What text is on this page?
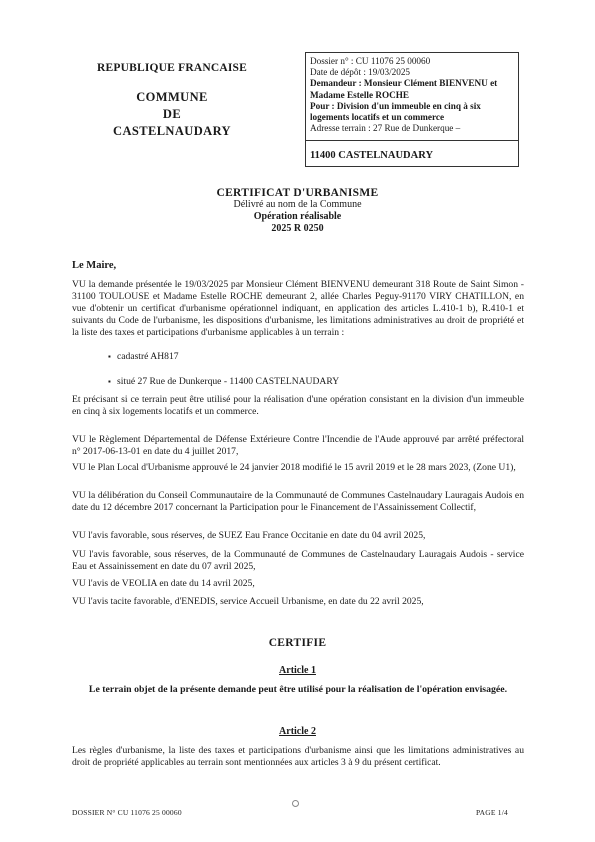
REPUBLIQUE FRANCAISE
COMMUNE
DE
CASTELNAUDARY
Dossier n° : CU 11076 25 00060
Date de dépôt : 19/03/2025
Demandeur : Monsieur Clément BIENVENU et
Madame Estelle ROCHE
Pour : Division d'un immeuble en cinq à six
logements locatifs et un commerce
Adresse terrain : 27 Rue de Dunkerque –
11400 CASTELNAUDARY
CERTIFICAT D'URBANISME
Délivré au nom de la Commune
Opération réalisable
2025 R 0250
Le Maire,
VU la demande présentée le 19/03/2025 par Monsieur Clément BIENVENU demeurant 318 Route de Saint Simon - 31100 TOULOUSE et Madame Estelle ROCHE demeurant 2, allée Charles Peguy-91170 VIRY CHATILLON, en vue d'obtenir un certificat d'urbanisme opérationnel indiquant, en application des articles L.410-1 b), R.410-1 et suivants du Code de l'urbanisme, les dispositions d'urbanisme, les limitations administratives au droit de propriété et la liste des taxes et participations d'urbanisme applicables à un terrain :
▪ cadastré AH817
▪ situé 27 Rue de Dunkerque - 11400 CASTELNAUDARY
Et précisant si ce terrain peut être utilisé pour la réalisation d'une opération consistant en la division d'un immeuble en cinq à six logements locatifs et un commerce.
VU le Règlement Départemental de Défense Extérieure Contre l'Incendie de l'Aude approuvé par arrêté préfectoral n° 2017-06-13-01 en date du 4 juillet 2017,
VU le Plan Local d'Urbanisme approuvé le 24 janvier 2018 modifié le 15 avril 2019 et le 28 mars 2023, (Zone U1),
VU la délibération du Conseil Communautaire de la Communauté de Communes Castelnaudary Lauragais Audois en date du 12 décembre 2017 concernant la Participation pour le Financement de l'Assainissement Collectif,
VU l'avis favorable, sous réserves, de SUEZ Eau France Occitanie en date du 04 avril 2025,
VU l'avis favorable, sous réserves, de la Communauté de Communes de Castelnaudary Lauragais Audois - service Eau et Assainissement en date du 07 avril 2025,
VU l'avis de VEOLIA en date du 14 avril 2025,
VU l'avis tacite favorable, d'ENEDIS, service Accueil Urbanisme, en date du 22 avril 2025,
CERTIFIE
Article 1
Le terrain objet de la présente demande peut être utilisé pour la réalisation de l'opération envisagée.
Article 2
Les règles d'urbanisme, la liste des taxes et participations d'urbanisme ainsi que les limitations administratives au droit de propriété applicables au terrain sont mentionnées aux articles 3 à 9 du présent certificat.
DOSSIER N° CU 11076 25 00060	PAGE 1/4
